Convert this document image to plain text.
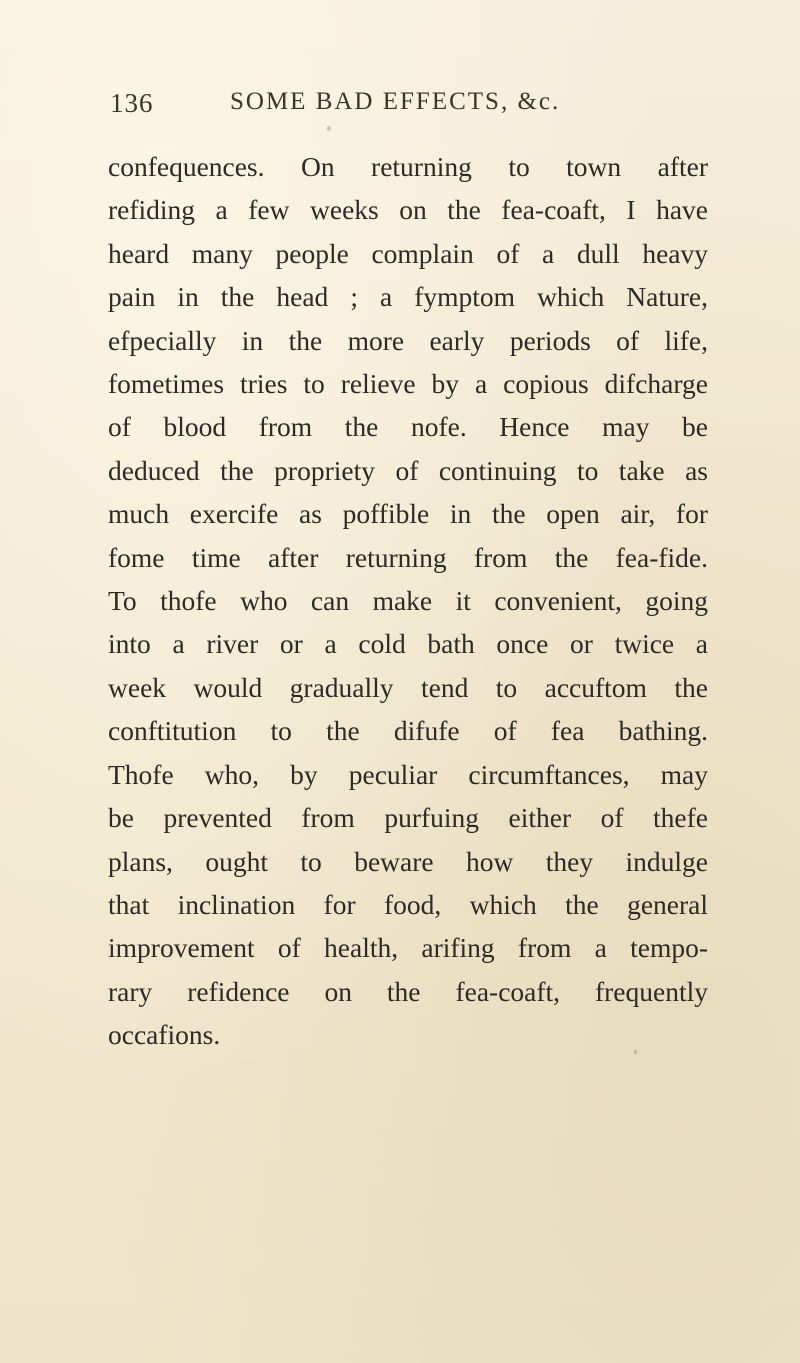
136	SOME BAD EFFECTS, &c.
confequences. On returning to town after
refiding a few weeks on the fea-coaft, I have
heard many people complain of a dull heavy
pain in the head ; a fymptom which Nature,
efpecially in the more early periods of life,
fometimes tries to relieve by a copious difcharge
of blood from the nofe. Hence may be
deduced the propriety of continuing to take as
much exercife as poffible in the open air, for
fome time after returning from the fea-fide.
To thofe who can make it convenient, going
into a river or a cold bath once or twice a
week would gradually tend to accuftom the
conftitution to the difufe of fea bathing.
Thofe who, by peculiar circumftances, may
be prevented from purfuing either of thefe
plans, ought to beware how they indulge
that inclination for food, which the general
improvement of health, arifing from a tempo-
rary refidence on the fea-coaft, frequently
occafions.
